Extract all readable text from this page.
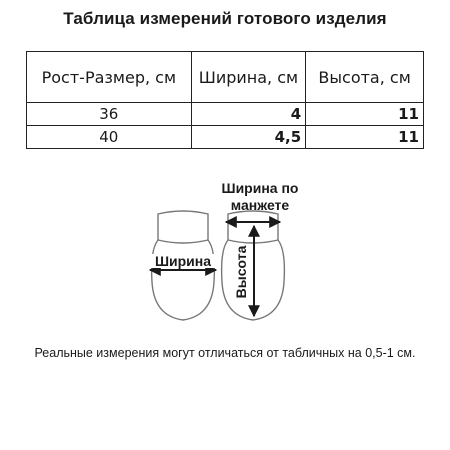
Таблица измерений готового изделия
Рост-Размер, см	Ширина, см	Высота, см
36	4	11
40	4,5	11
Ширина по
манжете
Ширина Высота
Реальные измерения могут отличаться от табличных на 0,5-1 см.
